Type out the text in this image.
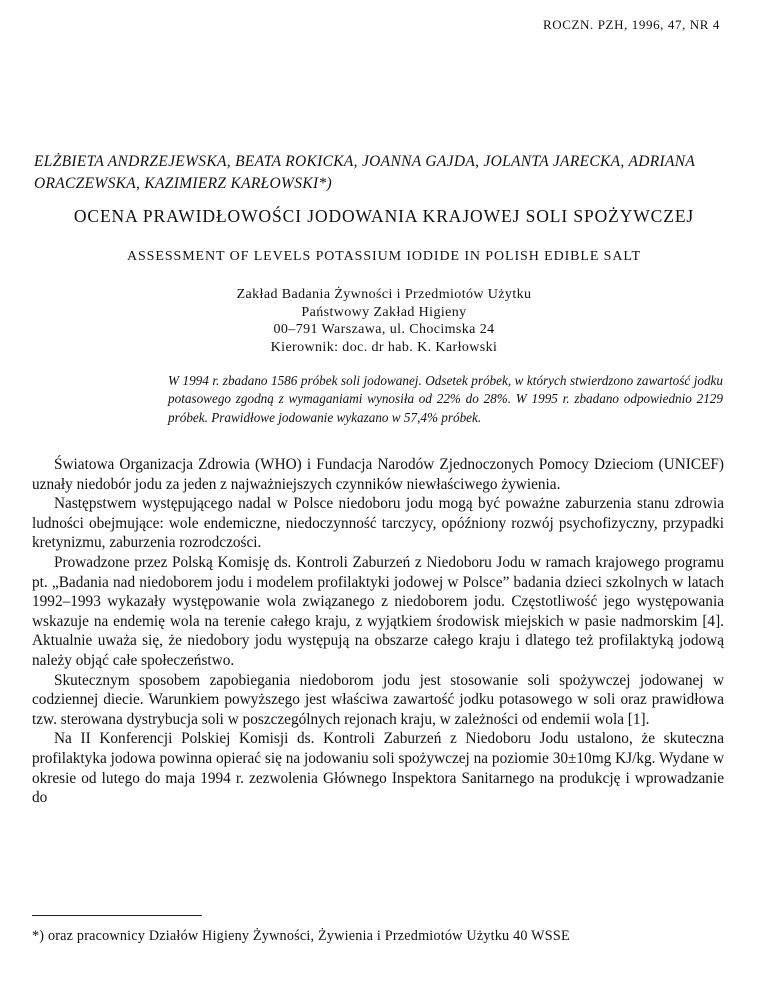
ROCZN. PZH, 1996, 47, NR 4
ELŻBIETA ANDRZEJEWSKA, BEATA ROKICKA, JOANNA GAJDA, JOLANTA JARECKA, ADRIANA ORACZEWSKA, KAZIMIERZ KARŁOWSKI*)
OCENA PRAWIDŁOWOŚCI JODOWANIA KRAJOWEJ SOLI SPOŻYWCZEJ
ASSESSMENT OF LEVELS POTASSIUM IODIDE IN POLISH EDIBLE SALT
Zakład Badania Żywności i Przedmiotów Użytku
Państwowy Zakład Higieny
00–791 Warszawa, ul. Chocimska 24
Kierownik: doc. dr hab. K. Karłowski
W 1994 r. zbadano 1586 próbek soli jodowanej. Odsetek próbek, w których stwierdzono zawartość jodku potasowego zgodną z wymaganiami wynosiła od 22% do 28%. W 1995 r. zbadano odpowiednio 2129 próbek. Prawidłowe jodowanie wykazano w 57,4% próbek.

Światowa Organizacja Zdrowia (WHO) i Fundacja Narodów Zjednoczonych Pomocy Dzieciom (UNICEF) uznały niedobór jodu za jeden z najważniejszych czynników niewłaściwego żywienia.

Następstwem występującego nadal w Polsce niedoboru jodu mogą być poważne zaburzenia stanu zdrowia ludności obejmujące: wole endemiczne, niedoczynność tarczycy, opóźniony rozwój psychofizyczny, przypadki kretynizmu, zaburzenia rozrodczości.

Prowadzone przez Polską Komisję ds. Kontroli Zaburzeń z Niedoboru Jodu w ramach krajowego programu pt. „Badania nad niedoborem jodu i modelem profilaktyki jodowej w Polsce” badania dzieci szkolnych w latach 1992–1993 wykazały występowanie wola związanego z niedoborem jodu. Częstotliwość jego występowania wskazuje na endemię wola na terenie całego kraju, z wyjątkiem środowisk miejskich w pasie nadmorskim [4]. Aktualnie uważa się, że niedobory jodu występują na obszarze całego kraju i dlatego też profilaktyką jodową należy objąć całe społeczeństwo.

Skutecznym sposobem zapobiegania niedoborom jodu jest stosowanie soli spożywczej jodowanej w codziennej diecie. Warunkiem powyższego jest właściwa zawartość jodku potasowego w soli oraz prawidłowa tzw. sterowana dystrybucja soli w poszczególnych rejonach kraju, w zależności od endemii wola [1].

Na II Konferencji Polskiej Komisji ds. Kontroli Zaburzeń z Niedoboru Jodu ustalono, że skuteczna profilaktyka jodowa powinna opierać się na jodowaniu soli spożywczej na poziomie 30±10mg KJ/kg. Wydane w okresie od lutego do maja 1994 r. zezwolenia Głównego Inspektora Sanitarnego na produkcję i wprowadzanie do

*) oraz pracownicy Działów Higieny Żywności, Żywienia i Przedmiotów Użytku 40 WSSE
